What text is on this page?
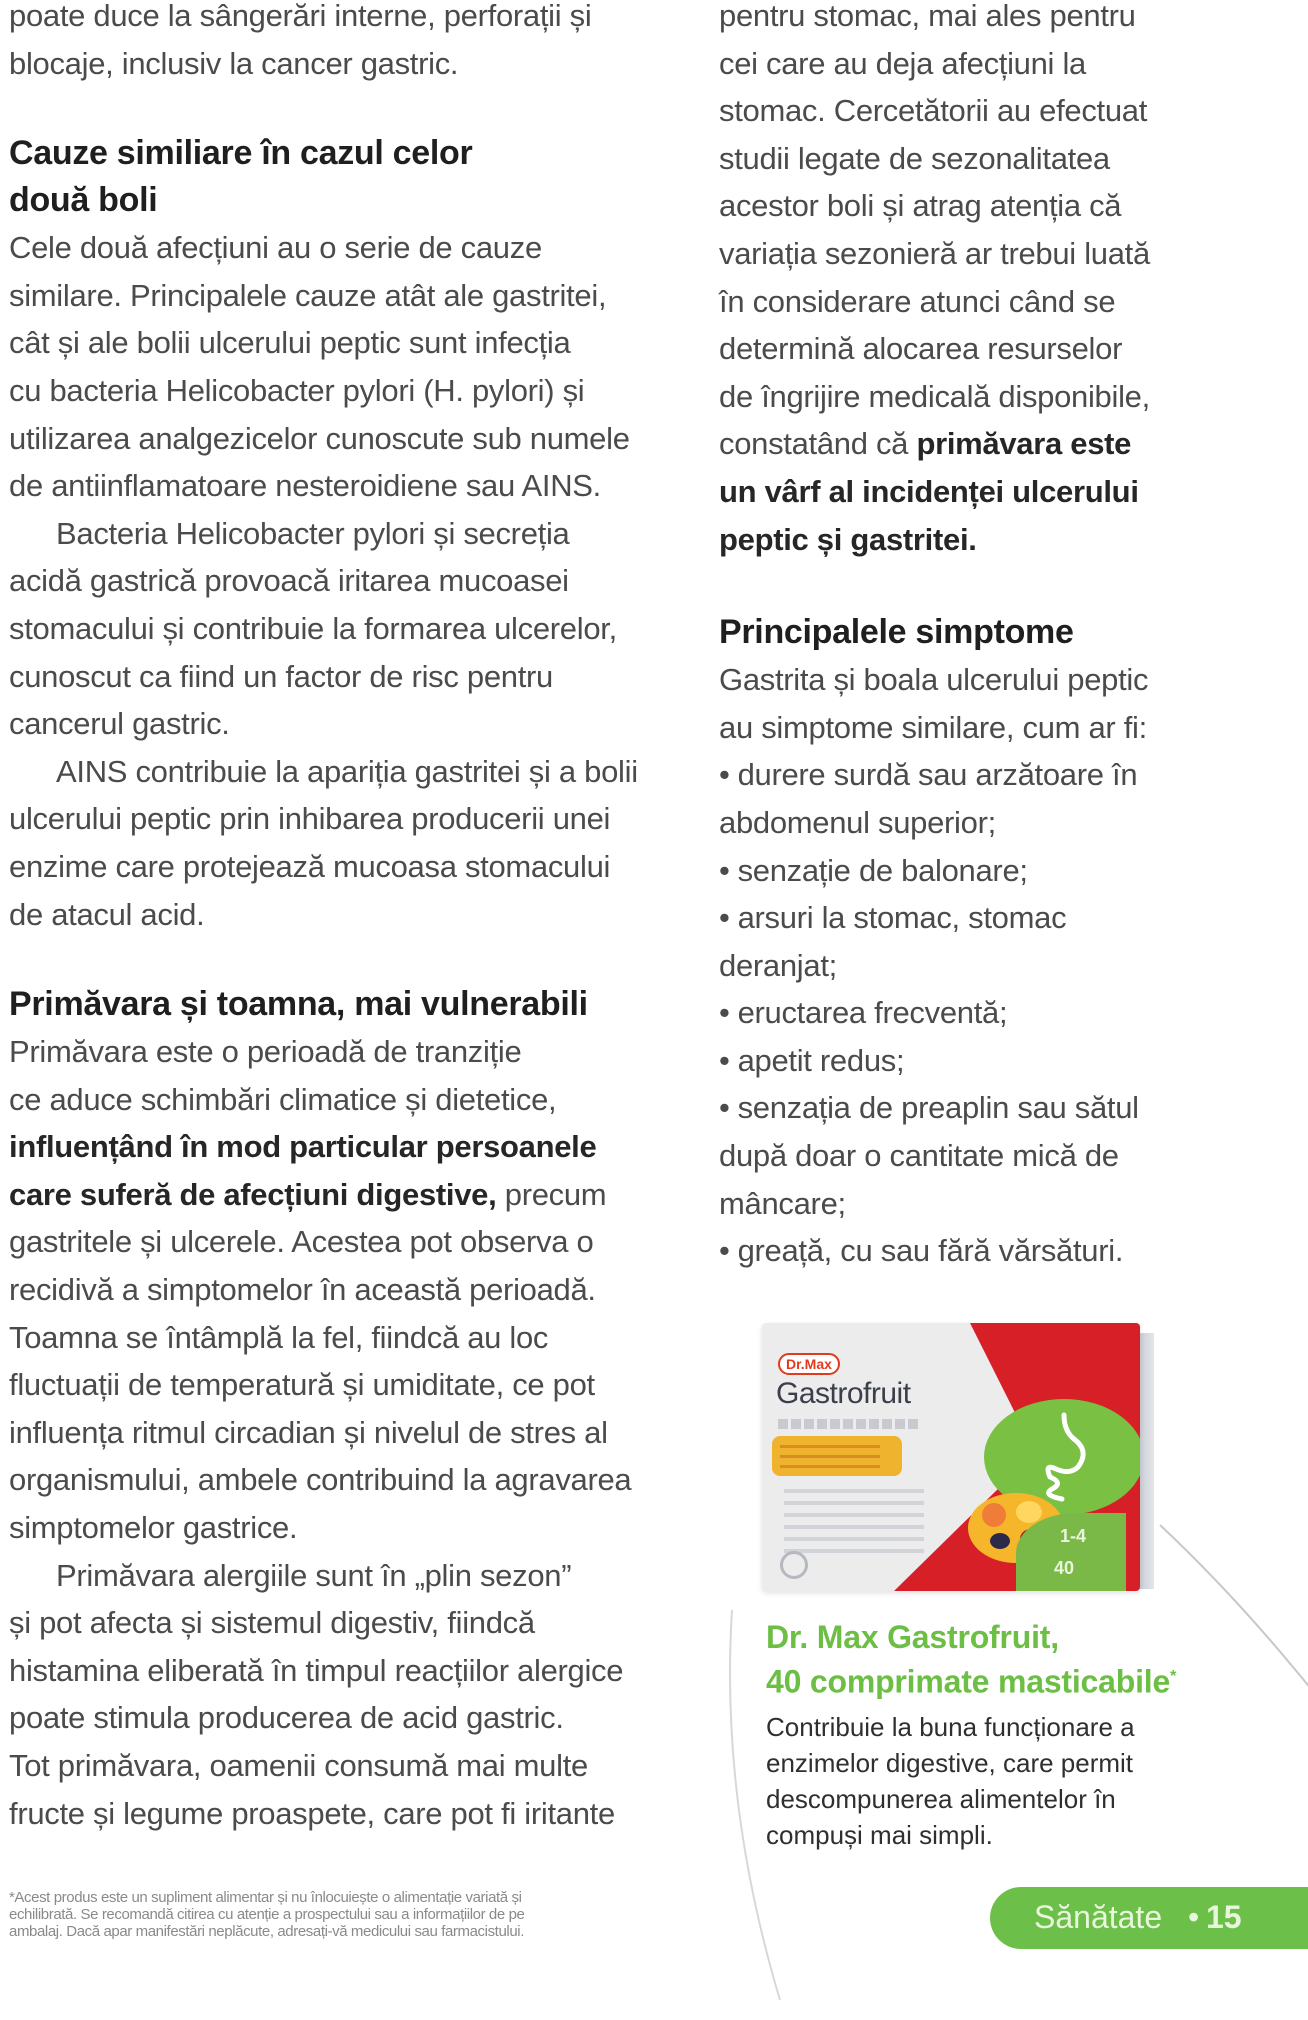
poate duce la sângerări interne, perforații și

blocaje, inclusiv la cancer gastric.

Cauze similiare în cazul celor
două boli

Cele două afecțiuni au o serie de cauze

similare. Principalele cauze atât ale gastritei,

cât și ale bolii ulcerului peptic sunt infecția

cu bacteria Helicobacter pylori (H. pylori) și

utilizarea analgezicelor cunoscute sub numele

de antiinflamatoare nesteroidiene sau AINS.

Bacteria Helicobacter pylori și secreția

acidă gastrică provoacă iritarea mucoasei

stomacului și contribuie la formarea ulcerelor,

cunoscut ca fiind un factor de risc pentru

cancerul gastric.

AINS contribuie la apariția gastritei și a bolii

ulcerului peptic prin inhibarea producerii unei

enzime care protejează mucoasa stomacului

de atacul acid.

Primăvara și toamna, mai vulnerabili

Primăvara este o perioadă de tranziție

ce aduce schimbări climatice și dietetice,

influențând în mod particular persoanele

care suferă de afecțiuni digestive, precum

gastritele și ulcerele. Acestea pot observa o

recidivă a simptomelor în această perioadă.

Toamna se întâmplă la fel, fiindcă au loc

fluctuații de temperatură și umiditate, ce pot

influența ritmul circadian și nivelul de stres al

organismului, ambele contribuind la agravarea

simptomelor gastrice.

Primăvara alergiile sunt în „plin sezon”

și pot afecta și sistemul digestiv, fiindcă

histamina eliberată în timpul reacțiilor alergice

poate stimula producerea de acid gastric.

Tot primăvara, oamenii consumă mai multe

fructe și legume proaspete, care pot fi iritante

pentru stomac, mai ales pentru

cei care au deja afecțiuni la

stomac. Cercetătorii au efectuat

studii legate de sezonalitatea

acestor boli și atrag atenția că

variația sezonieră ar trebui luată

în considerare atunci când se

determină alocarea resurselor

de îngrijire medicală disponibile,

constatând că primăvara este

un vârf al incidenței ulcerului

peptic și gastritei.

Principalele simptome

Gastrita și boala ulcerului peptic

au simptome similare, cum ar fi:

• durere surdă sau arzătoare în

abdomenul superior;

• senzație de balonare;

• arsuri la stomac, stomac

deranjat;

• eructarea frecventă;

• apetit redus;

• senzația de preaplin sau sătul

după doar o cantitate mică de

mâncare;

• greață, cu sau fără vărsături.

Dr.Max
Gastrofruit
1-4
40
Dr. Max Gastrofruit,
40 comprimate masticabile*
Contribuie la buna funcționare a
enzimelor digestive, care permit
descompunerea alimentelor în
compuși mai simpli.
*Acest produs este un supliment alimentar și nu înlocuiește o alimentație variată și
echilibrată. Se recomandă citirea cu atenție a prospectului sau a informațiilor de pe
ambalaj. Dacă apar manifestări neplăcute, adresați-vă medicului sau farmacistului.	Sănătate • 15
